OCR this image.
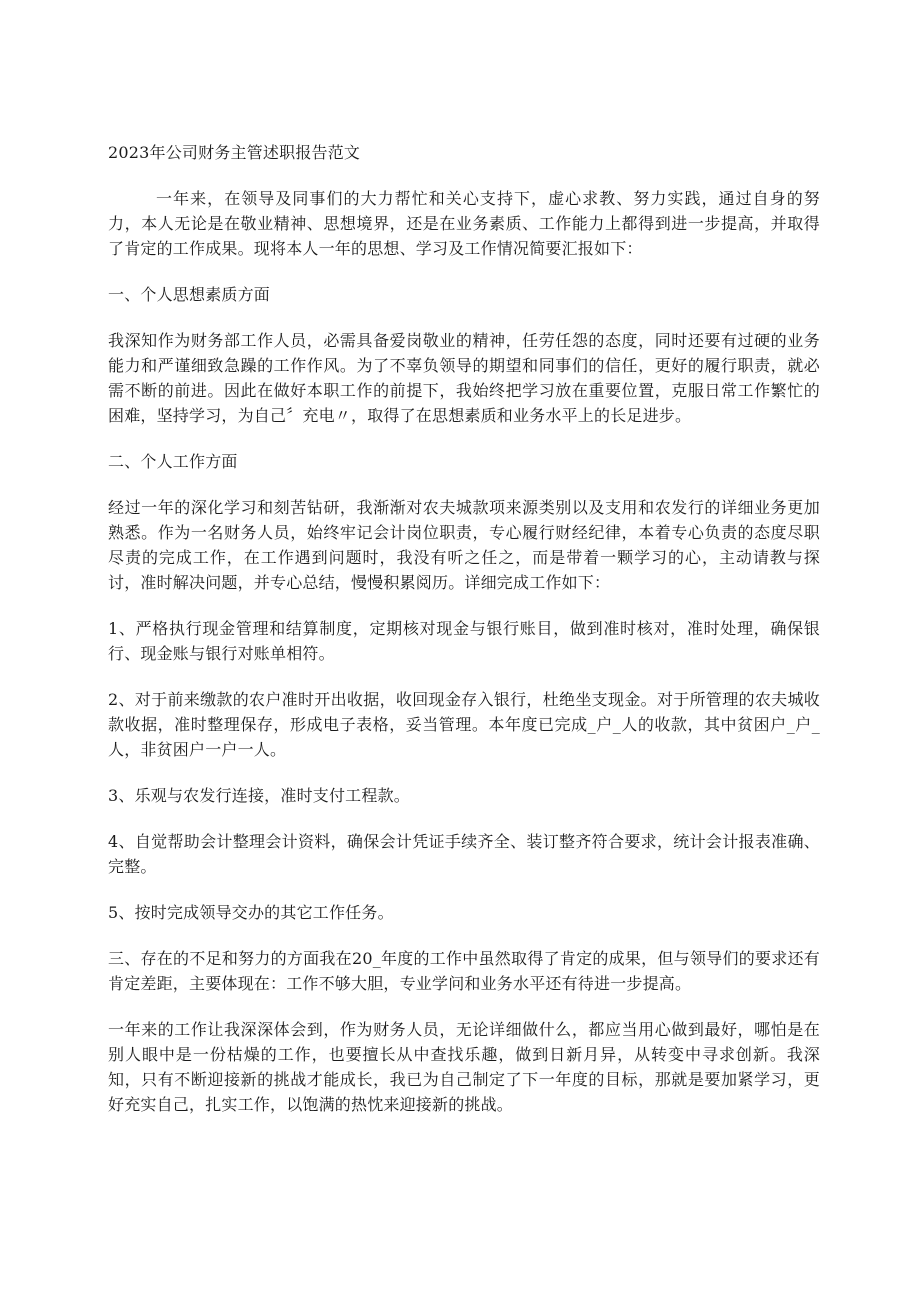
2023年公司财务主管述职报告范文

一年来，在领导及同事们的大力帮忙和关心支持下，虚心求教、努力实践，通过自身的努力，本人无论是在敬业精神、思想境界，还是在业务素质、工作能力上都得到进一步提高，并取得了肯定的工作成果。现将本人一年的思想、学习及工作情况简要汇报如下：

一、个人思想素质方面

我深知作为财务部工作人员，必需具备爱岗敬业的精神，任劳任怨的态度，同时还要有过硬的业务能力和严谨细致急躁的工作作风。为了不辜负领导的期望和同事们的信任，更好的履行职责，就必需不断的前进。因此在做好本职工作的前提下，我始终把学习放在重要位置，克服日常工作繁忙的困难，坚持学习，为自己〞充电〃，取得了在思想素质和业务水平上的长足进步。

二、个人工作方面

经过一年的深化学习和刻苦钻研，我渐渐对农夫城款项来源类别以及支用和农发行的详细业务更加熟悉。作为一名财务人员，始终牢记会计岗位职责，专心履行财经纪律，本着专心负责的态度尽职尽责的完成工作，在工作遇到问题时，我没有听之任之，而是带着一颗学习的心，主动请教与探讨，准时解决问题，并专心总结，慢慢积累阅历。详细完成工作如下：

1、严格执行现金管理和结算制度，定期核对现金与银行账目，做到准时核对，准时处理，确保银行、现金账与银行对账单相符。

2、对于前来缴款的农户准时开出收据，收回现金存入银行，杜绝坐支现金。对于所管理的农夫城收款收据，准时整理保存，形成电子表格，妥当管理。本年度已完成_户_人的收款，其中贫困户_户_人，非贫困户一户一人。

3、乐观与农发行连接，准时支付工程款。

4、自觉帮助会计整理会计资料，确保会计凭证手续齐全、装订整齐符合要求，统计会计报表准确、完整。

5、按时完成领导交办的其它工作任务。

三、存在的不足和努力的方面我在20_年度的工作中虽然取得了肯定的成果，但与领导们的要求还有肯定差距，主要体现在：工作不够大胆，专业学问和业务水平还有待进一步提高。

一年来的工作让我深深体会到，作为财务人员，无论详细做什么，都应当用心做到最好，哪怕是在别人眼中是一份枯燥的工作，也要擅长从中查找乐趣，做到日新月异，从转变中寻求创新。我深知，只有不断迎接新的挑战才能成长，我已为自己制定了下一年度的目标，那就是要加紧学习，更好充实自己，扎实工作，以饱满的热忱来迎接新的挑战。
